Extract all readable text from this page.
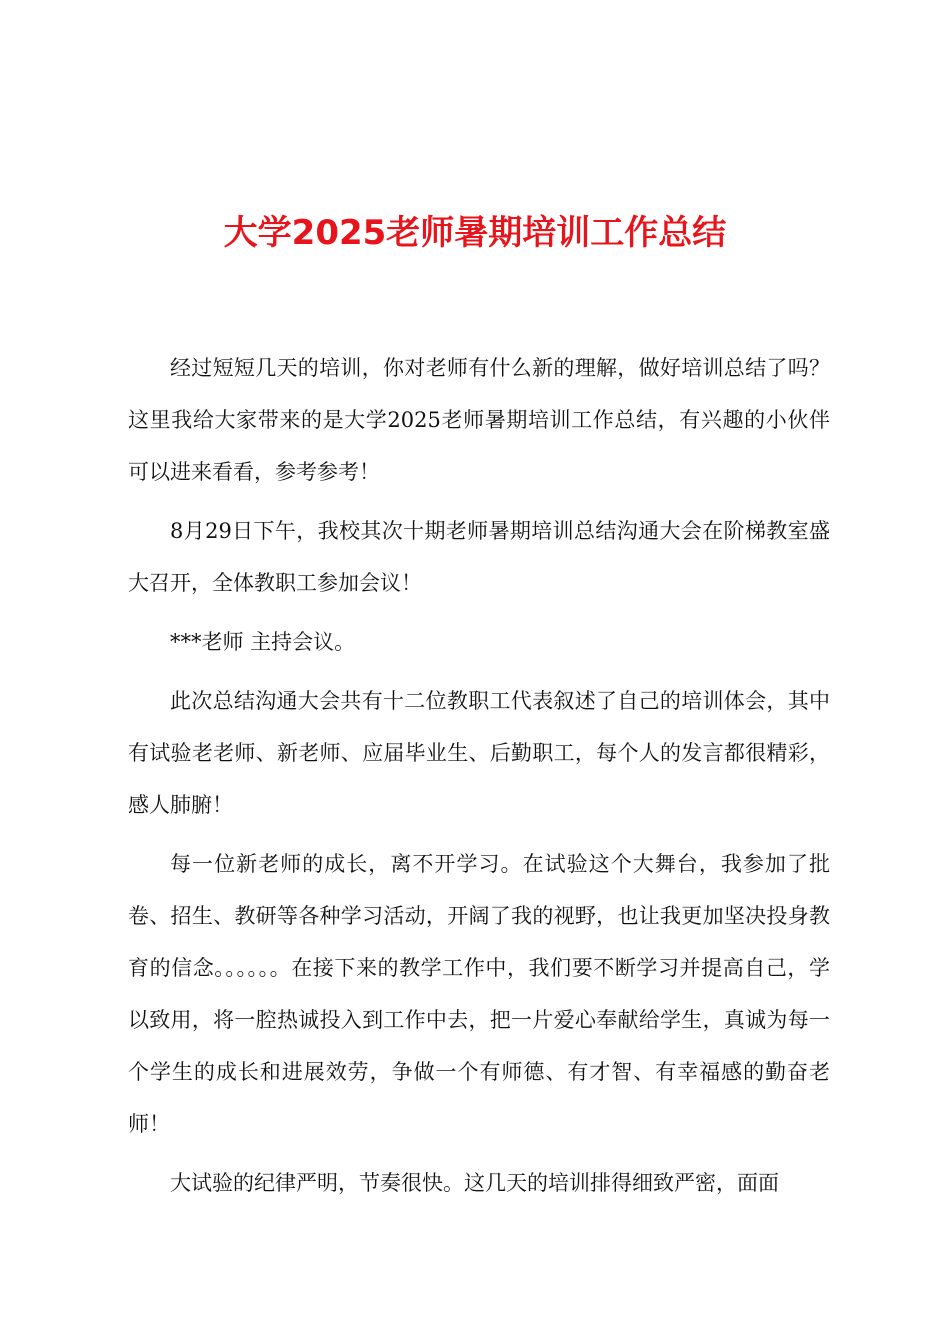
大学2025老师暑期培训工作总结

经过短短几天的培训，你对老师有什么新的理解，做好培训总结了吗？这里我给大家带来的是大学2025老师暑期培训工作总结，有兴趣的小伙伴可以进来看看，参考参考！

8月29日下午，我校其次十期老师暑期培训总结沟通大会在阶梯教室盛大召开，全体教职工参加会议！

***老师 主持会议。

此次总结沟通大会共有十二位教职工代表叙述了自己的培训体会，其中有试验老老师、新老师、应届毕业生、后勤职工，每个人的发言都很精彩，感人肺腑！

每一位新老师的成长，离不开学习。在试验这个大舞台，我参加了批卷、招生、教研等各种学习活动，开阔了我的视野，也让我更加坚决投身教育的信念。。。。。。在接下来的教学工作中，我们要不断学习并提高自己，学以致用，将一腔热诚投入到工作中去，把一片爱心奉献给学生，真诚为每一个学生的成长和进展效劳，争做一个有师德、有才智、有幸福感的勤奋老师！

大试验的纪律严明，节奏很快。这几天的培训排得细致严密，面面
